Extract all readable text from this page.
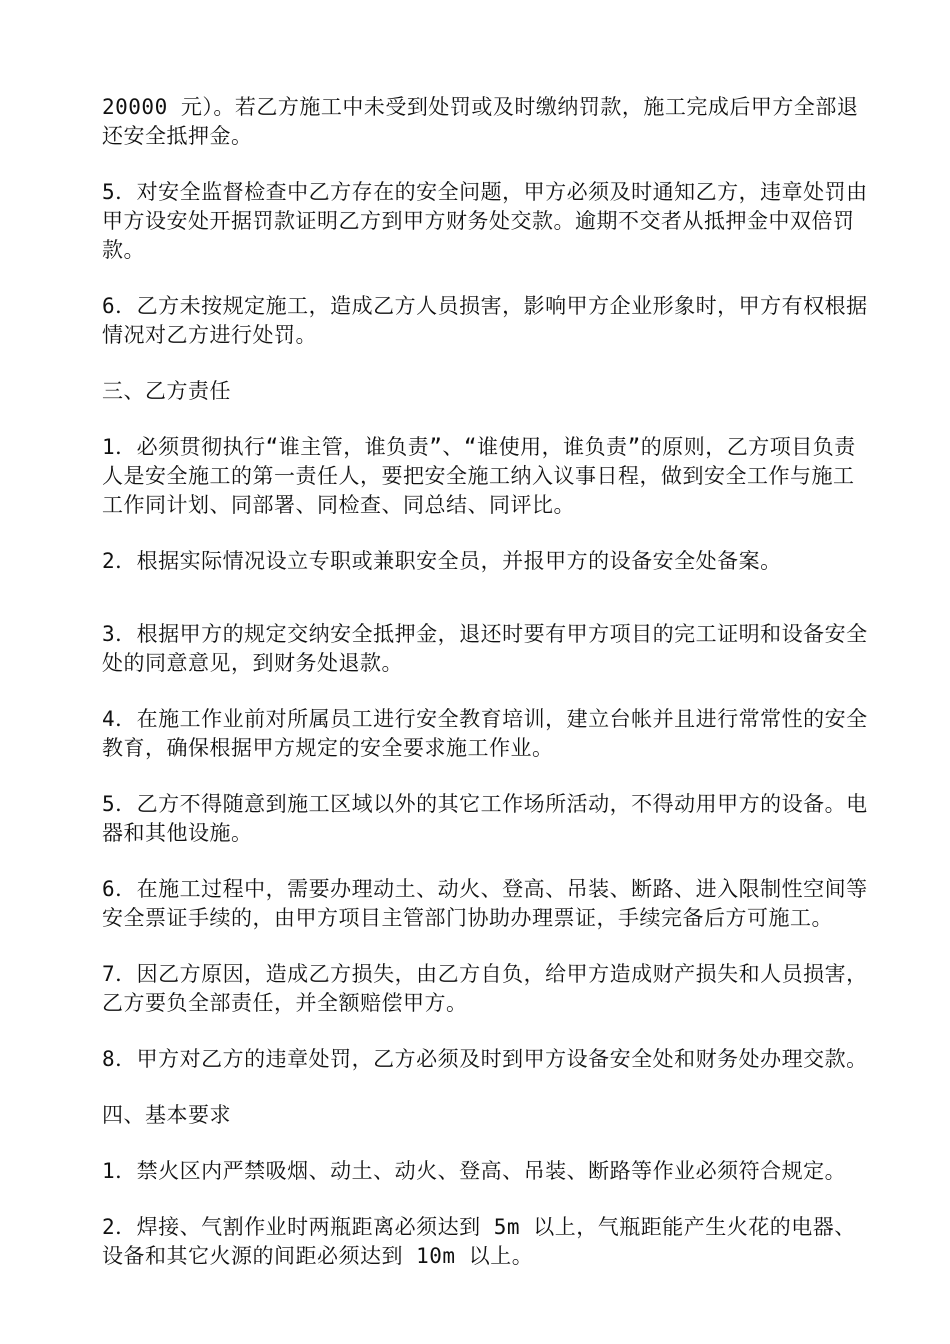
20000 元）。若乙方施工中未受到处罚或及时缴纳罚款，施工完成后甲方全部退还安全抵押金。

5．对安全监督检查中乙方存在的安全问题，甲方必须及时通知乙方，违章处罚由甲方设安处开据罚款证明乙方到甲方财务处交款。逾期不交者从抵押金中双倍罚款。

6．乙方未按规定施工，造成乙方人员损害，影响甲方企业形象时，甲方有权根据情况对乙方进行处罚。

三、乙方责任

1．必须贯彻执行“谁主管，谁负责”、“谁使用，谁负责”的原则，乙方项目负责人是安全施工的第一责任人，要把安全施工纳入议事日程，做到安全工作与施工工作同计划、同部署、同检查、同总结、同评比。

2．根据实际情况设立专职或兼职安全员，并报甲方的设备安全处备案。

3．根据甲方的规定交纳安全抵押金，退还时要有甲方项目的完工证明和设备安全处的同意意见，到财务处退款。

4．在施工作业前对所属员工进行安全教育培训，建立台帐并且进行常常性的安全教育，确保根据甲方规定的安全要求施工作业。

5．乙方不得随意到施工区域以外的其它工作场所活动，不得动用甲方的设备。电器和其他设施。

6．在施工过程中，需要办理动土、动火、登高、吊装、断路、进入限制性空间等安全票证手续的，由甲方项目主管部门协助办理票证，手续完备后方可施工。

7．因乙方原因，造成乙方损失，由乙方自负，给甲方造成财产损失和人员损害，乙方要负全部责任，并全额赔偿甲方。

8．甲方对乙方的违章处罚，乙方必须及时到甲方设备安全处和财务处办理交款。

四、基本要求

1．禁火区内严禁吸烟、动土、动火、登高、吊装、断路等作业必须符合规定。

2．焊接、气割作业时两瓶距离必须达到 5m 以上，气瓶距能产生火花的电器、设备和其它火源的间距必须达到 10m 以上。
